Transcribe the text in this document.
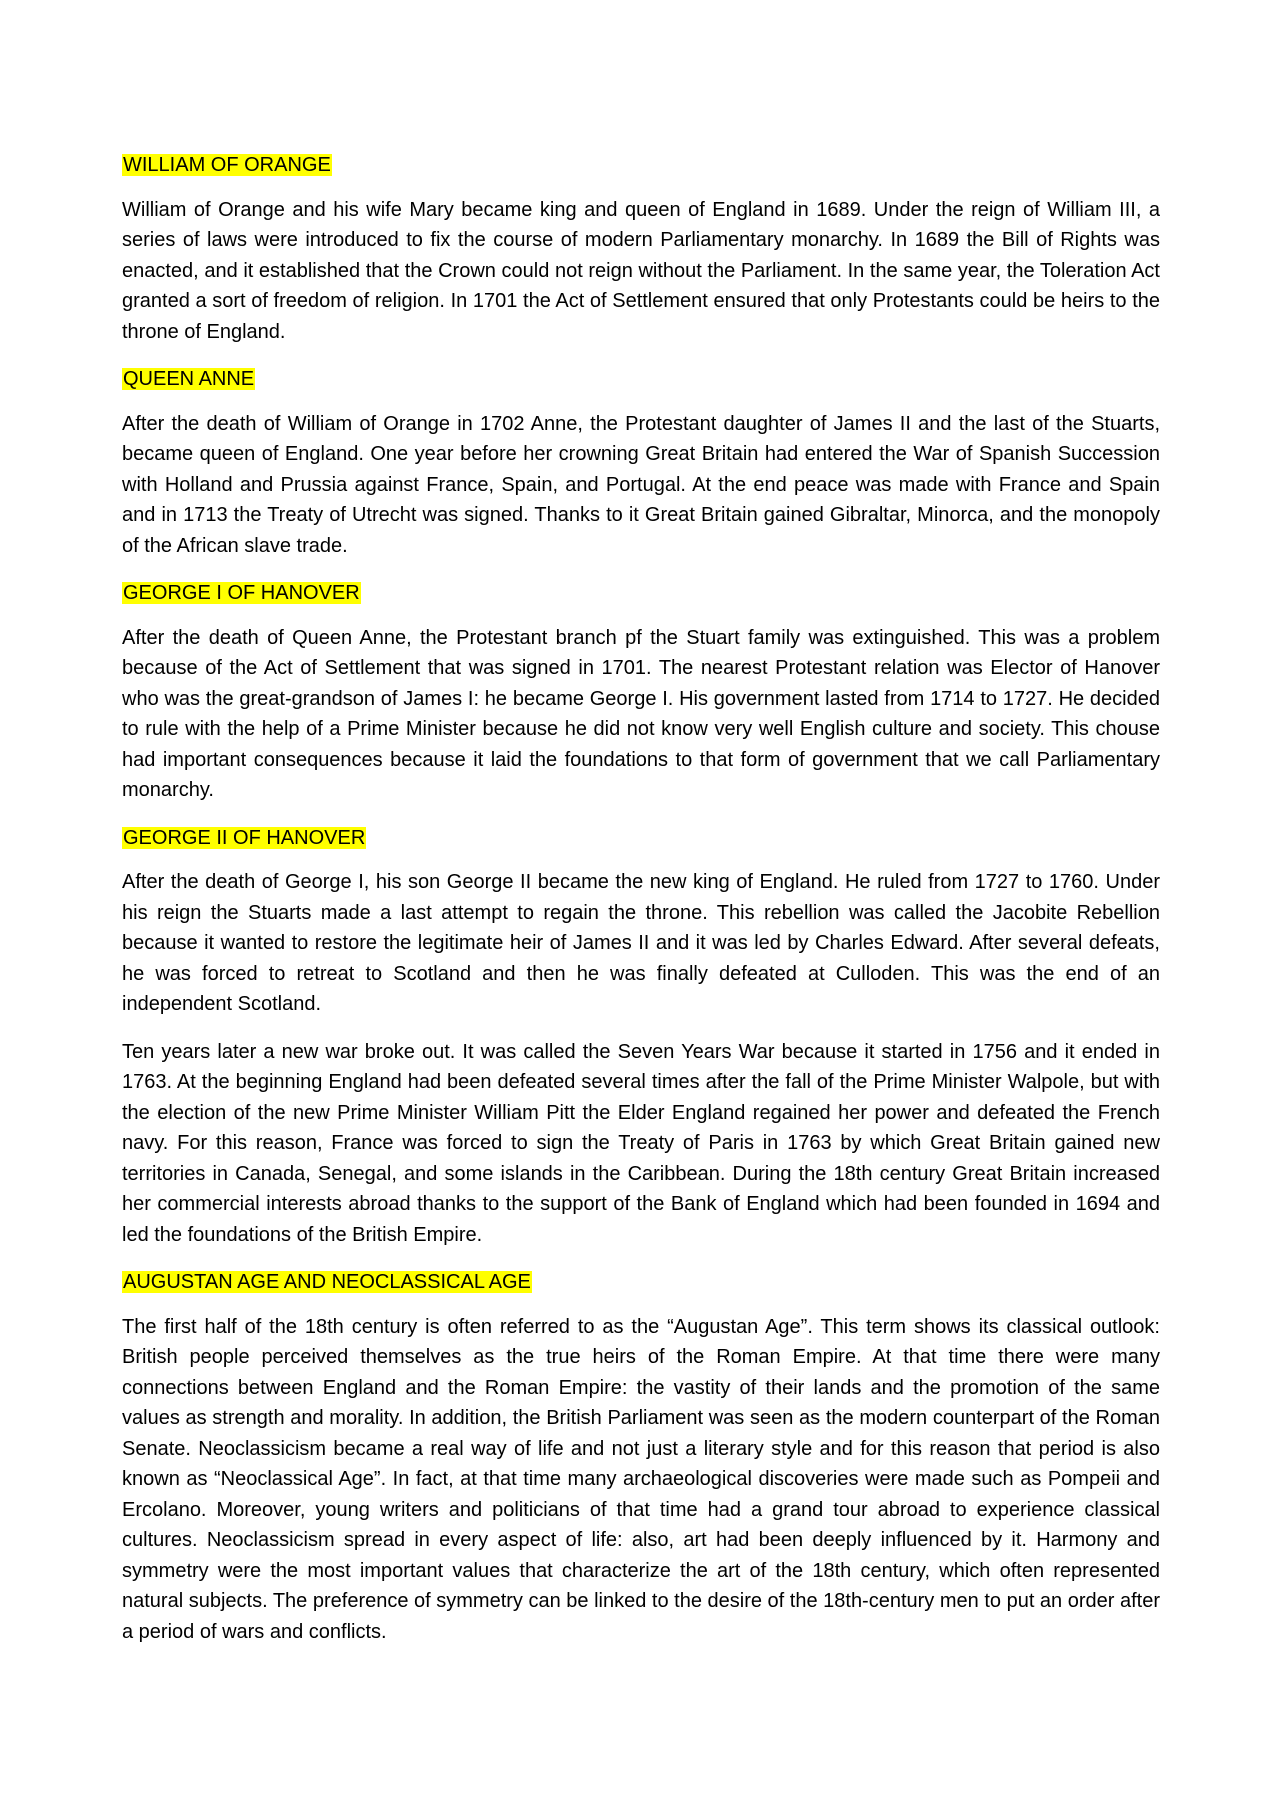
WILLIAM OF ORANGE

William of Orange and his wife Mary became king and queen of England in 1689. Under the reign of William III, a series of laws were introduced to fix the course of modern Parliamentary monarchy. In 1689 the Bill of Rights was enacted, and it established that the Crown could not reign without the Parliament. In the same year, the Toleration Act granted a sort of freedom of religion. In 1701 the Act of Settlement ensured that only Protestants could be heirs to the throne of England.

QUEEN ANNE

After the death of William of Orange in 1702 Anne, the Protestant daughter of James II and the last of the Stuarts, became queen of England. One year before her crowning Great Britain had entered the War of Spanish Succession with Holland and Prussia against France, Spain, and Portugal. At the end peace was made with France and Spain and in 1713 the Treaty of Utrecht was signed. Thanks to it Great Britain gained Gibraltar, Minorca, and the monopoly of the African slave trade.

GEORGE I OF HANOVER

After the death of Queen Anne, the Protestant branch pf the Stuart family was extinguished. This was a problem because of the Act of Settlement that was signed in 1701. The nearest Protestant relation was Elector of Hanover who was the great-grandson of James I: he became George I. His government lasted from 1714 to 1727. He decided to rule with the help of a Prime Minister because he did not know very well English culture and society. This chouse had important consequences because it laid the foundations to that form of government that we call Parliamentary monarchy.

GEORGE II OF HANOVER

After the death of George I, his son George II became the new king of England. He ruled from 1727 to 1760. Under his reign the Stuarts made a last attempt to regain the throne. This rebellion was called the Jacobite Rebellion because it wanted to restore the legitimate heir of James II and it was led by Charles Edward. After several defeats, he was forced to retreat to Scotland and then he was finally defeated at Culloden. This was the end of an independent Scotland.

Ten years later a new war broke out. It was called the Seven Years War because it started in 1756 and it ended in 1763. At the beginning England had been defeated several times after the fall of the Prime Minister Walpole, but with the election of the new Prime Minister William Pitt the Elder England regained her power and defeated the French navy. For this reason, France was forced to sign the Treaty of Paris in 1763 by which Great Britain gained new territories in Canada, Senegal, and some islands in the Caribbean. During the 18th century Great Britain increased her commercial interests abroad thanks to the support of the Bank of England which had been founded in 1694 and led the foundations of the British Empire.

AUGUSTAN AGE AND NEOCLASSICAL AGE

The first half of the 18th century is often referred to as the “Augustan Age”. This term shows its classical outlook: British people perceived themselves as the true heirs of the Roman Empire. At that time there were many connections between England and the Roman Empire: the vastity of their lands and the promotion of the same values as strength and morality. In addition, the British Parliament was seen as the modern counterpart of the Roman Senate. Neoclassicism became a real way of life and not just a literary style and for this reason that period is also known as “Neoclassical Age”. In fact, at that time many archaeological discoveries were made such as Pompeii and Ercolano. Moreover, young writers and politicians of that time had a grand tour abroad to experience classical cultures. Neoclassicism spread in every aspect of life: also, art had been deeply influenced by it. Harmony and symmetry were the most important values that characterize the art of the 18th century, which often represented natural subjects. The preference of symmetry can be linked to the desire of the 18th-century men to put an order after a period of wars and conflicts.
